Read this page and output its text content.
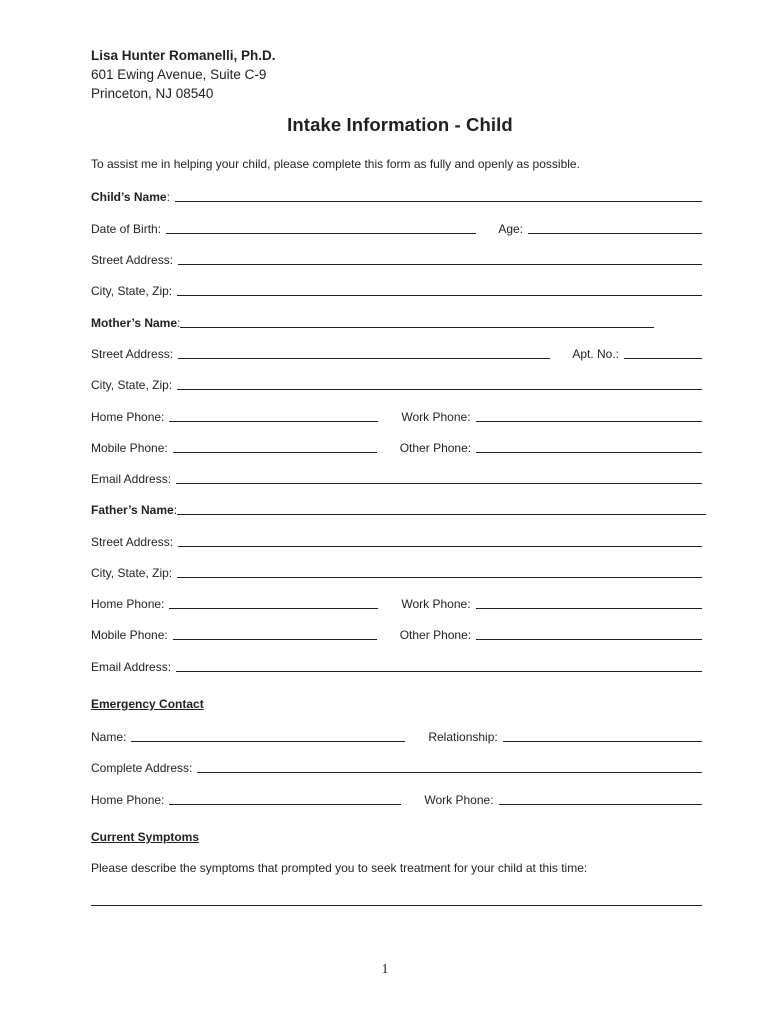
Lisa Hunter Romanelli, Ph.D.
601 Ewing Avenue, Suite C-9
Princeton, NJ 08540
Intake Information - Child
To assist me in helping your child, please complete this form as fully and openly as possible.
Child’s Name :
Date of Birth:	Age:
Street Address:
City, State, Zip:
Mother’s Name :
Street Address:	Apt. No.:
City, State, Zip:
Home Phone:	Work Phone:
Mobile Phone:	Other Phone:
Email Address:
Father’s Name :
Street Address:
City, State, Zip:
Home Phone:	Work Phone:
Mobile Phone:	Other Phone:
Email Address:
Emergency Contact
Name:	Relationship:
Complete Address:
Home Phone:	Work Phone:
Current Symptoms
Please describe the symptoms that prompted you to seek treatment for your child at this time:
1
